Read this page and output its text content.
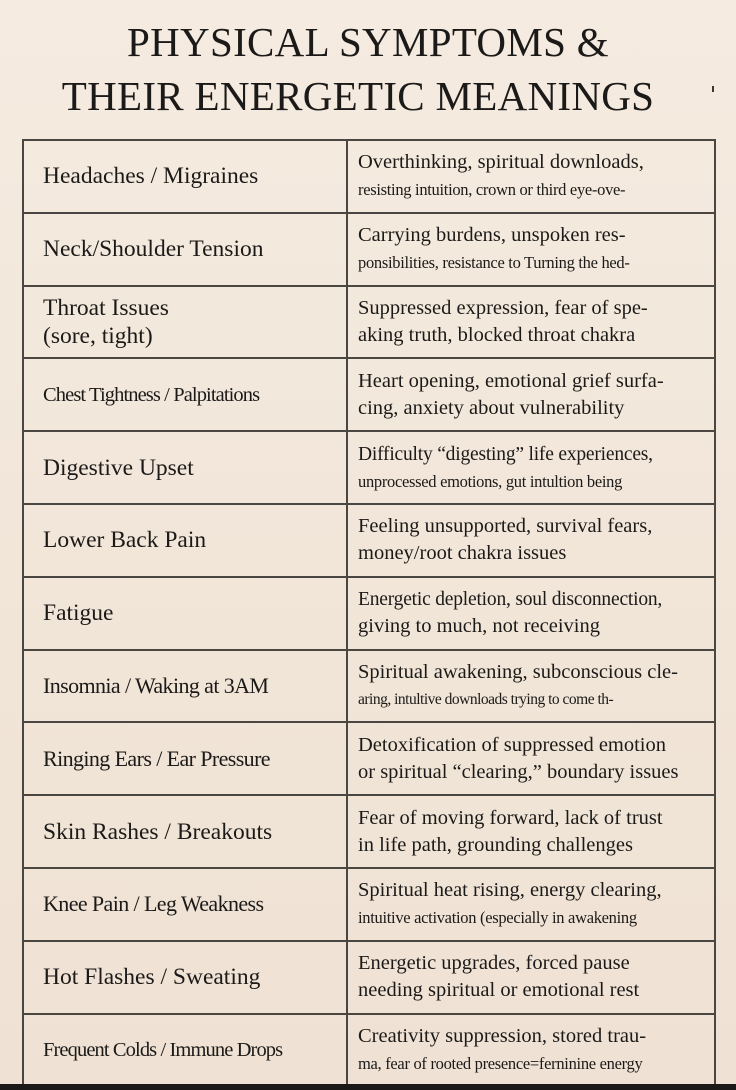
PHYSICAL SYMPTOMS &
THEIR ENERGETIC MEANINGS
Headaches / Migraines	Overthinking, spiritual downloads,
resisting intuition, crown or third eye-ove-

Neck/Shoulder Tension	Carrying burdens, unspoken res-
ponsibilities, resistance to Turning the hed-

Throat Issues
(sore, tight)	Suppressed expression, fear of spe-
aking truth, blocked throat chakra

Chest Tightness / Palpitations	Heart opening, emotional grief surfa-
cing, anxiety about vulnerability

Digestive Upset	Difficulty “digesting” life experiences,
unprocessed emotions, gut intultion being

Lower Back Pain	Feeling unsupported, survival fears,
money/root chakra issues

Fatigue	Energetic depletion, soul disconnection,
giving to much, not receiving

Insomnia / Waking at 3AM	Spiritual awakening, subconscious cle-
aring, intultive downloads trying to come th-

Ringing Ears / Ear Pressure	Detoxification of suppressed emotion
or spiritual “clearing,” boundary issues

Skin Rashes / Breakouts	Fear of moving forward, lack of trust
in life path, grounding challenges

Knee Pain / Leg Weakness	Spiritual heat rising, energy clearing,
intuitive activation (especially in awakening

Hot Flashes / Sweating	Energetic upgrades, forced pause
needing spiritual or emotional rest

Frequent Colds / Immune Drops	Creativity suppression, stored trau-
ma, fear of rooted presence=ferninine energy
